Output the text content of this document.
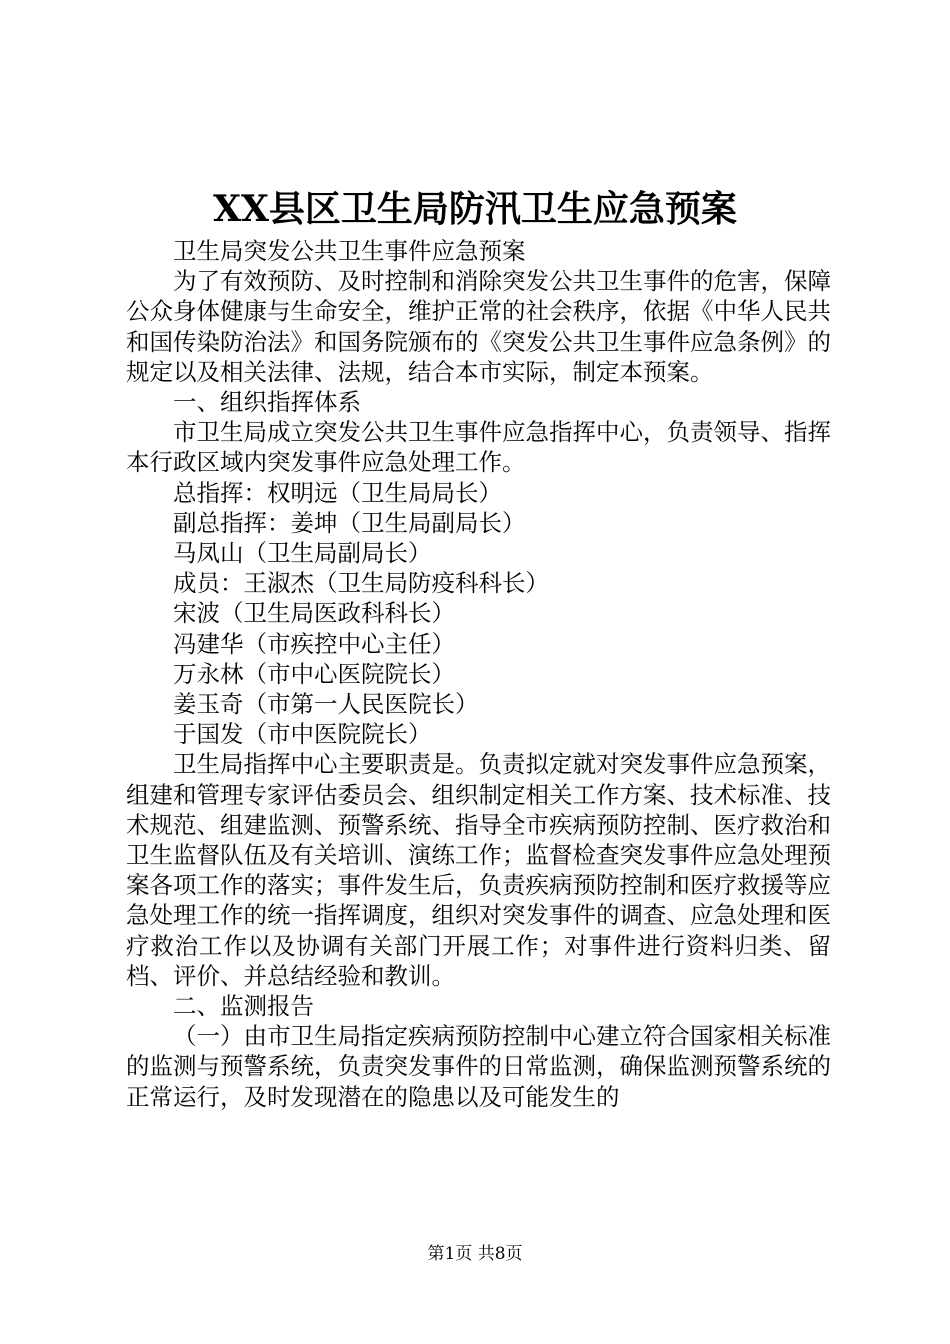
XX县区卫生局防汛卫生应急预案

卫生局突发公共卫生事件应急预案

为了有效预防、及时控制和消除突发公共卫生事件的危害，保障公众身体健康与生命安全，维护正常的社会秩序，依据《中华人民共和国传染防治法》和国务院颁布的《突发公共卫生事件应急条例》的规定以及相关法律、法规，结合本市实际，制定本预案。

一、组织指挥体系

市卫生局成立突发公共卫生事件应急指挥中心，负责领导、指挥本行政区域内突发事件应急处理工作。

总指挥：权明远（卫生局局长）

副总指挥：姜坤（卫生局副局长）

马凤山（卫生局副局长）

成员：王淑杰（卫生局防疫科科长）

宋波（卫生局医政科科长）

冯建华（市疾控中心主任）

万永林（市中心医院院长）

姜玉奇（市第一人民医院长）

于国发（市中医院院长）

卫生局指挥中心主要职责是。负责拟定就对突发事件应急预案，组建和管理专家评估委员会、组织制定相关工作方案、技术标准、技术规范、组建监测、预警系统、指导全市疾病预防控制、医疗救治和卫生监督队伍及有关培训、演练工作；监督检查突发事件应急处理预案各项工作的落实；事件发生后，负责疾病预防控制和医疗救援等应急处理工作的统一指挥调度，组织对突发事件的调查、应急处理和医疗救治工作以及协调有关部门开展工作；对事件进行资料归类、留档、评价、并总结经验和教训。

二、监测报告

（一）由市卫生局指定疾病预防控制中心建立符合国家相关标准的监测与预警系统，负责突发事件的日常监测，确保监测预警系统的正常运行，及时发现潜在的隐患以及可能发生的

第1页 共8页
